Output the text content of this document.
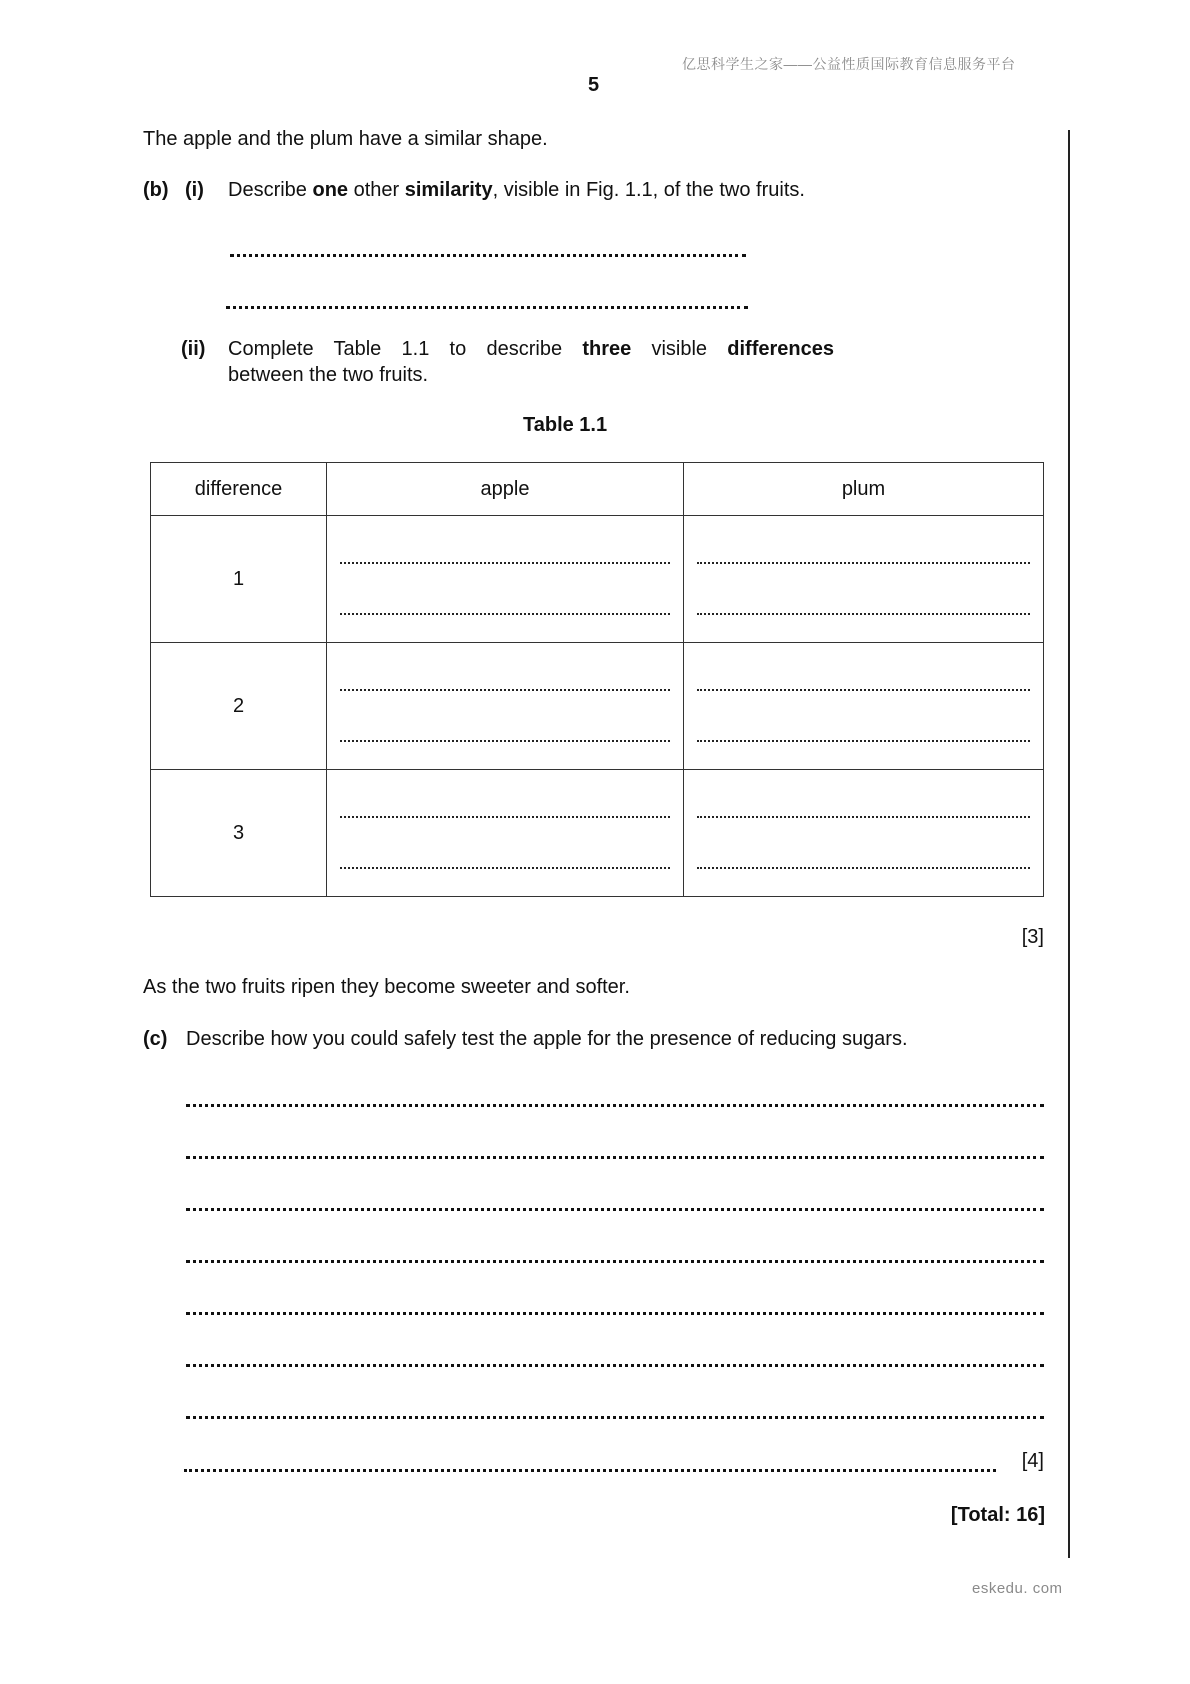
亿思科学生之家——公益性质国际教育信息服务平台
5
The apple and the plum have a similar shape.
(b) (i) Describe one other similarity, visible in Fig. 1.1, of the two fruits.
(ii) Complete Table 1.1 to describe three visible differences
between the two fruits.
Table 1.1
difference	apple	plum
1	

2	

3	

[3]
As the two fruits ripen they become sweeter and softer.
(c) Describe how you could safely test the apple for the presence of reducing sugars.
[4]
[Total: 16]
eskedu. com
